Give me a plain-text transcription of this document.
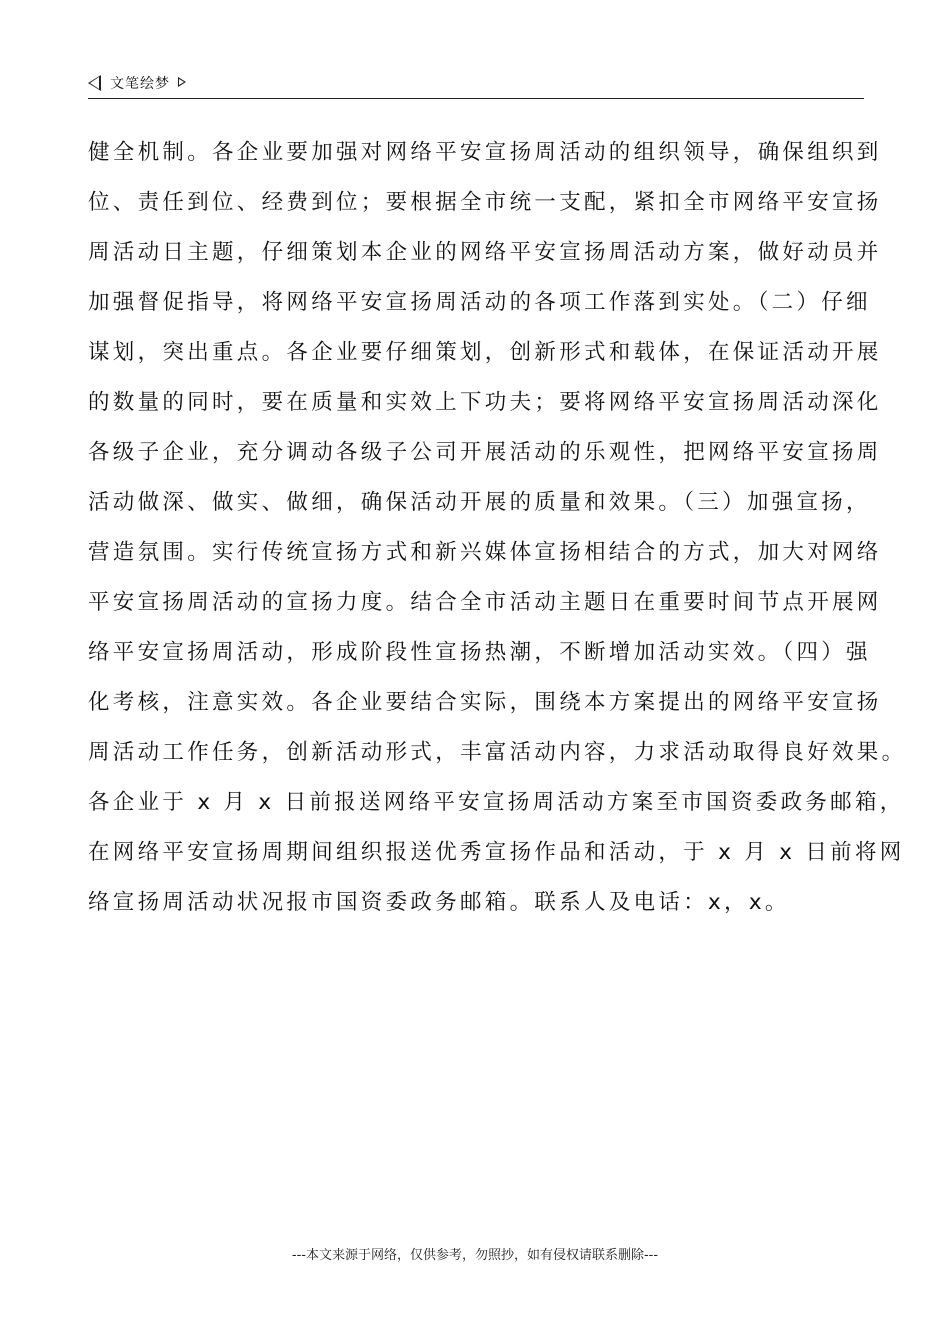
文笔绘梦
健全机制。各企业要加强对网络平安宣扬周活动的组织领导，确保组织到
位、责任到位、经费到位；要根据全市统一支配，紧扣全市网络平安宣扬
周活动日主题，仔细策划本企业的网络平安宣扬周活动方案，做好动员并
加强督促指导，将网络平安宣扬周活动的各项工作落到实处。（二）仔细
谋划，突出重点。各企业要仔细策划，创新形式和载体，在保证活动开展
的数量的同时，要在质量和实效上下功夫；要将网络平安宣扬周活动深化
各级子企业，充分调动各级子公司开展活动的乐观性，把网络平安宣扬周
活动做深、做实、做细，确保活动开展的质量和效果。（三）加强宣扬，
营造氛围。实行传统宣扬方式和新兴媒体宣扬相结合的方式，加大对网络
平安宣扬周活动的宣扬力度。结合全市活动主题日在重要时间节点开展网
络平安宣扬周活动，形成阶段性宣扬热潮，不断增加活动实效。（四）强
化考核，注意实效。各企业要结合实际，围绕本方案提出的网络平安宣扬
周活动工作任务，创新活动形式，丰富活动内容，力求活动取得良好效果。
各企业于 x 月 x 日前报送网络平安宣扬周活动方案至市国资委政务邮箱，
在网络平安宣扬周期间组织报送优秀宣扬作品和活动，于 x 月 x 日前将网
络宣扬周活动状况报市国资委政务邮箱。联系人及电话：x，x。
---本文来源于网络，仅供参考，勿照抄，如有侵权请联系删除---
